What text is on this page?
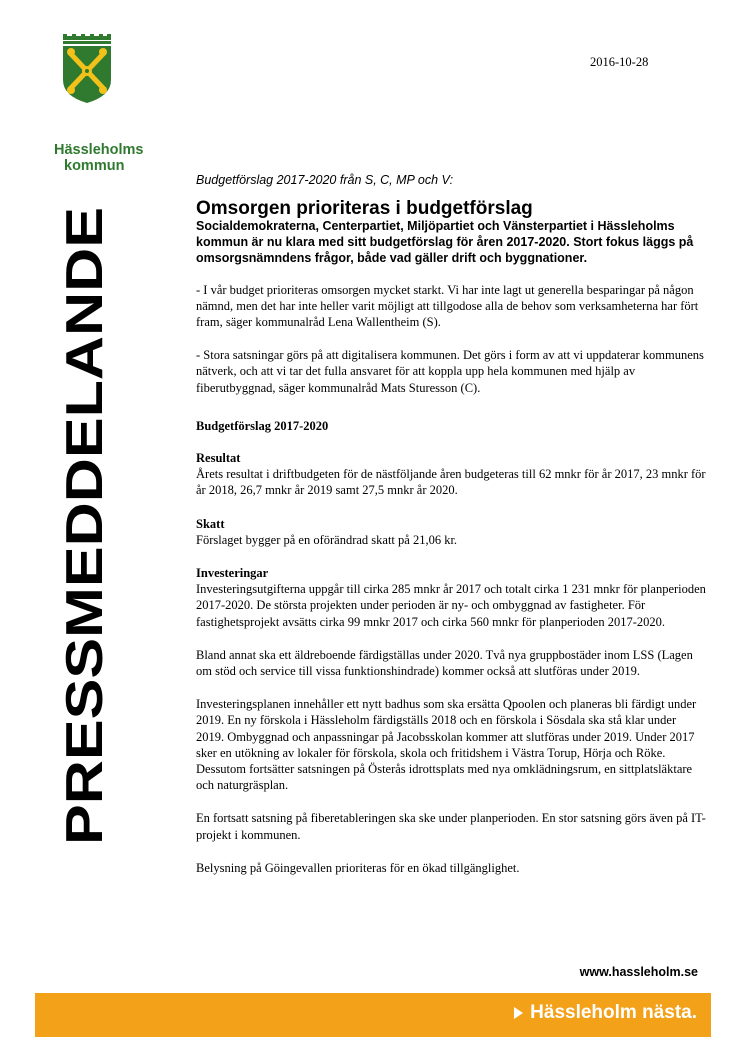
Hässleholms
kommun
2016-10-28
PRESSMEDDELANDE

Budgetförslag 2017-2020 från S, C, MP och V:

Omsorgen prioriteras i budgetförslag

Socialdemokraterna, Centerpartiet, Miljöpartiet och Vänsterpartiet i Hässleholms kommun är nu klara med sitt budgetförslag för åren 2017-2020. Stort fokus läggs på omsorgsnämndens frågor, både vad gäller drift och byggnationer.

- I vår budget prioriteras omsorgen mycket starkt. Vi har inte lagt ut generella besparingar på någon nämnd, men det har inte heller varit möjligt att tillgodose alla de behov som verksamheterna har fört fram, säger kommunalråd Lena Wallentheim (S).

- Stora satsningar görs på att digitalisera kommunen. Det görs i form av att vi uppdaterar kommunens nätverk, och att vi tar det fulla ansvaret för att koppla upp hela kommunen med hjälp av fiberutbyggnad, säger kommunalråd Mats Sturesson (C).

Budgetförslag 2017-2020

Resultat

Årets resultat i driftbudgeten för de nästföljande åren budgeteras till 62 mnkr för år 2017, 23 mnkr för år 2018, 26,7 mnkr år 2019 samt 27,5 mnkr år 2020.

Skatt

Förslaget bygger på en oförändrad skatt på 21,06 kr.

Investeringar

Investeringsutgifterna uppgår till cirka 285 mnkr år 2017 och totalt cirka 1 231 mnkr för planperioden 2017-2020. De största projekten under perioden är ny- och ombyggnad av fastigheter. För fastighetsprojekt avsätts cirka 99 mnkr 2017 och cirka 560 mnkr för planperioden 2017-2020.

Bland annat ska ett äldreboende färdigställas under 2020. Två nya gruppbostäder inom LSS (Lagen om stöd och service till vissa funktionshindrade) kommer också att slutföras under 2019.

Investeringsplanen innehåller ett nytt badhus som ska ersätta Qpoolen och planeras bli färdigt under 2019. En ny förskola i Hässleholm färdigställs 2018 och en förskola i Sösdala ska stå klar under 2019. Ombyggnad och anpassningar på Jacobsskolan kommer att slutföras under 2019. Under 2017 sker en utökning av lokaler för förskola, skola och fritidshem i Västra Torup, Hörja och Röke. Dessutom fortsätter satsningen på Österås idrottsplats med nya omklädningsrum, en sittplatsläktare och naturgräsplan.

En fortsatt satsning på fiberetableringen ska ske under planperioden. En stor satsning görs även på IT-projekt i kommunen.

Belysning på Göingevallen prioriteras för en ökad tillgänglighet.

www.hassleholm.se
Hässleholm nästa.
